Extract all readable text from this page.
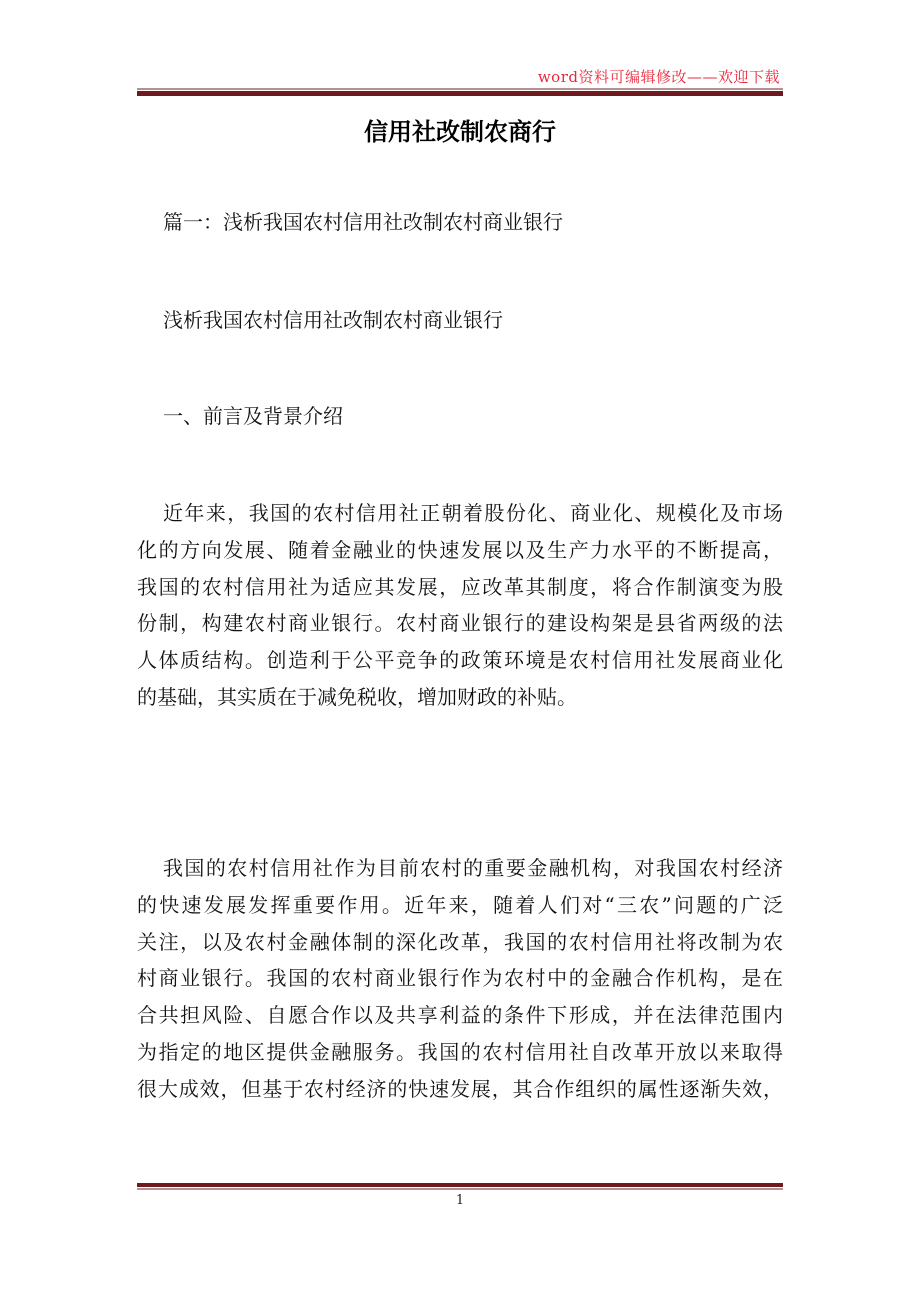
word资料可编辑修改——欢迎下载
信用社改制农商行
篇一：浅析我国农村信用社改制农村商业银行
浅析我国农村信用社改制农村商业银行
一、前言及背景介绍
近年来，我国的农村信用社正朝着股份化、商业化、规模化及市场
化的方向发展、随着金融业的快速发展以及生产力水平的不断提高，
我国的农村信用社为适应其发展，应改革其制度，将合作制演变为股
份制，构建农村商业银行。农村商业银行的建设构架是县省两级的法
人体质结构。创造利于公平竞争的政策环境是农村信用社发展商业化
的基础，其实质在于减免税收，增加财政的补贴。
我国的农村信用社作为目前农村的重要金融机构，对我国农村经济
的快速发展发挥重要作用。近年来，随着人们对“三农”问题的广泛
关注，以及农村金融体制的深化改革，我国的农村信用社将改制为农
村商业银行。我国的农村商业银行作为农村中的金融合作机构，是在
合共担风险、自愿合作以及共享利益的条件下形成，并在法律范围内
为指定的地区提供金融服务。我国的农村信用社自改革开放以来取得
很大成效，但基于农村经济的快速发展，其合作组织的属性逐渐失效，
1
